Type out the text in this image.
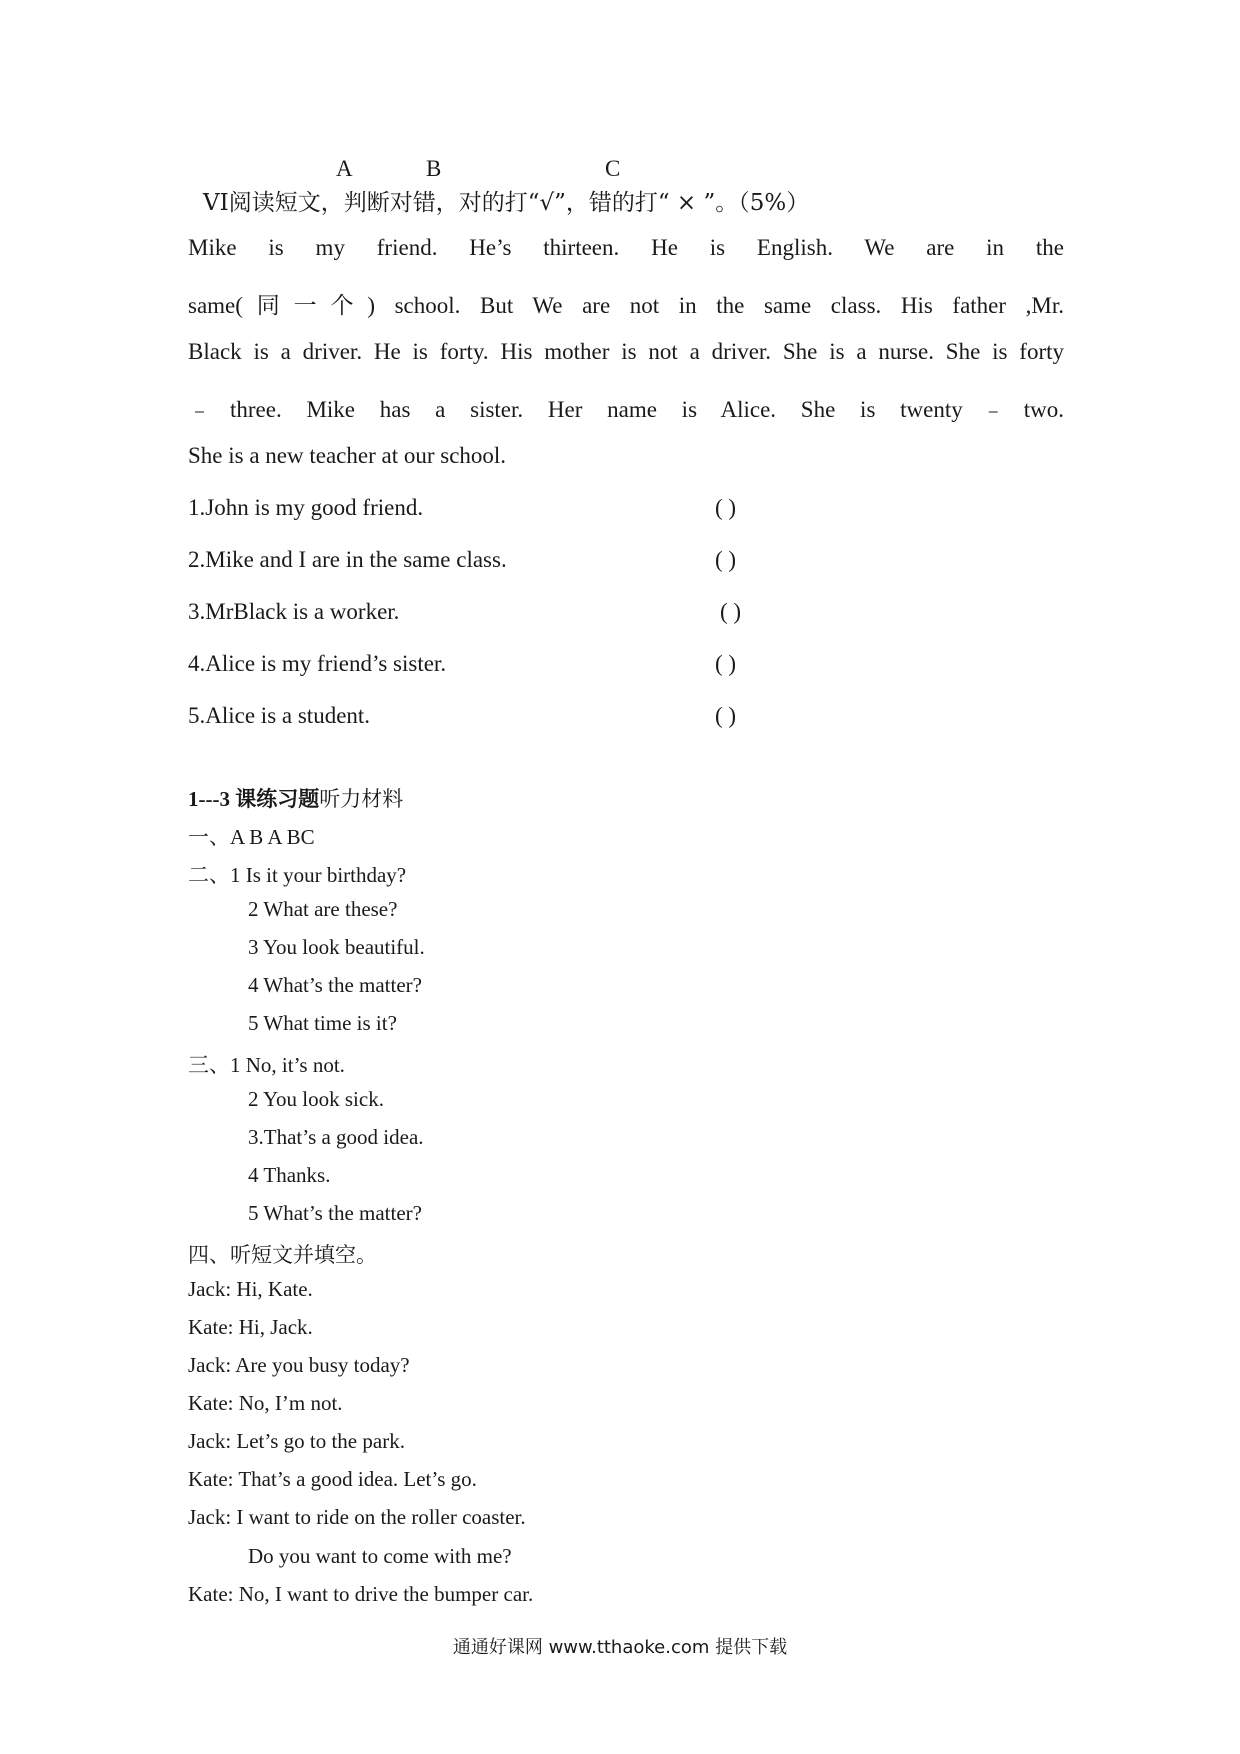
A	B	C
VI阅读短文，判断对错，对的打“√”，错的打“ × ”。（5%）
Mike is my friend. He’s thirteen. He is English. We are in the
same(同一个) school. But We are not in the same class. His father ,Mr.
Black is a driver. He is forty. His mother is not a driver. She is a nurse. She is forty
﹣three. Mike has a sister. Her name is Alice. She is twenty﹣two.
She is a new teacher at our school.
1.John is my good friend.	( )
2.Mike and I are in the same class.	( )
3.MrBlack is a worker.	( )
4.Alice is my friend’s sister.	( )
5.Alice is a student.	( )
1---3 课练习题听力材料
一、A B A BC
二、1 Is it your birthday?
2 What are these?
3 You look beautiful.
4 What’s the matter?
5 What time is it?
三、1 No, it’s not.
2 You look sick.
3.That’s a good idea.
4 Thanks.
5 What’s the matter?
四、听短文并填空。
Jack: Hi, Kate.
Kate: Hi, Jack.
Jack: Are you busy today?
Kate: No, I’m not.
Jack: Let’s go to the park.
Kate: That’s a good idea. Let’s go.
Jack: I want to ride on the roller coaster.
Do you want to come with me?
Kate: No, I want to drive the bumper car.
通通好课网 www.tthaoke.com 提供下载
